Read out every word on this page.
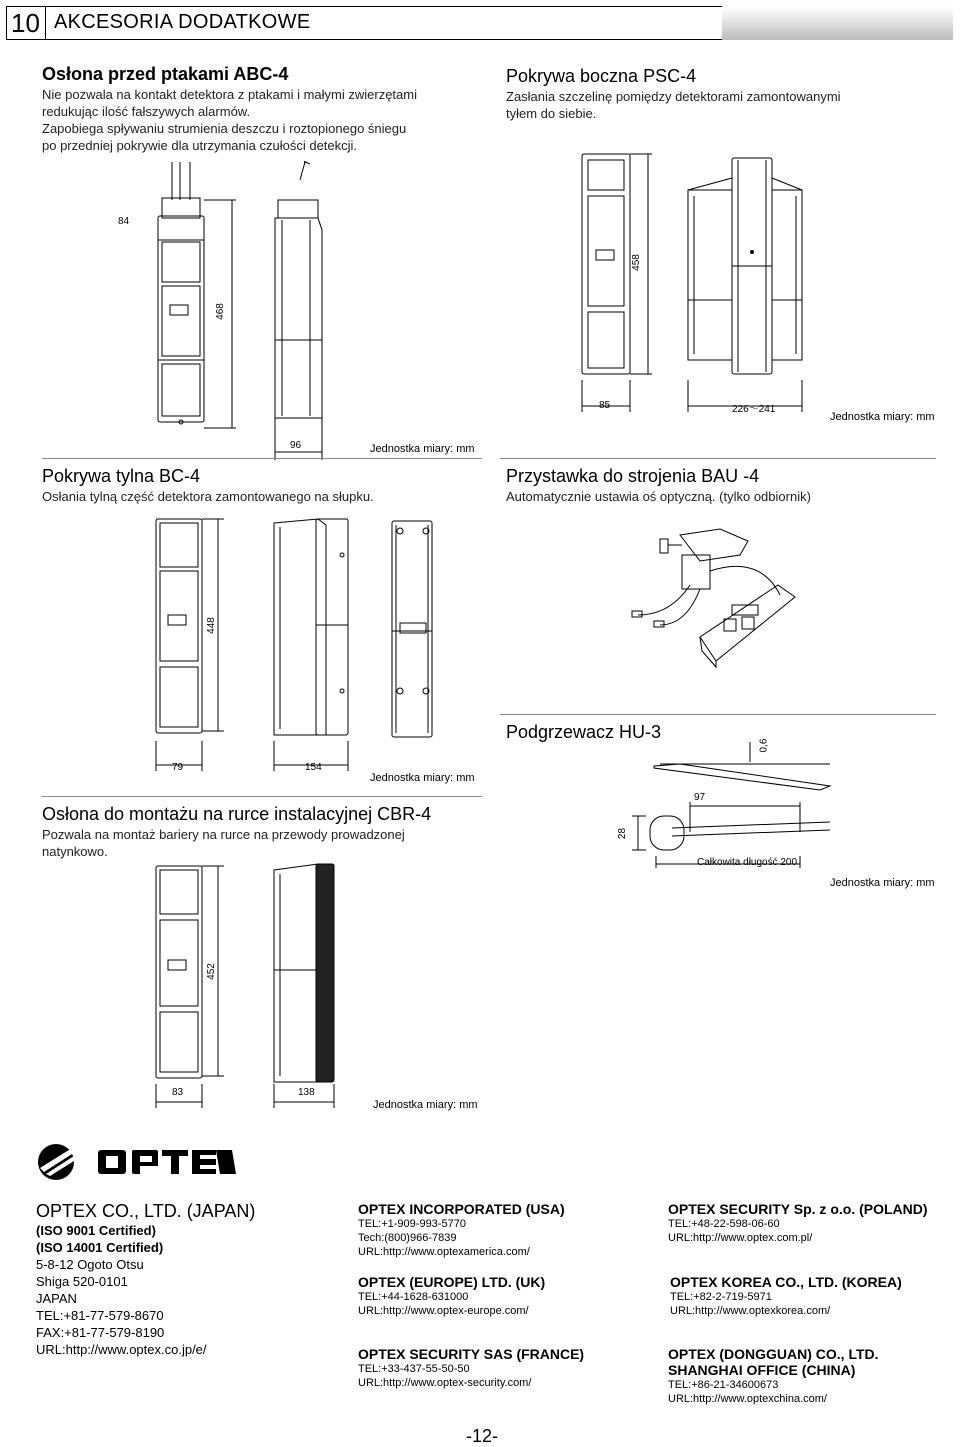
10 AKCESORIA DODATKOWE
Osłona przed ptakami ABC-4
Nie pozwala na kontakt detektora z ptakami i małymi zwierzętami
redukując ilość fałszywych alarmów.
Zapobiega spływaniu strumienia deszczu i roztopionego śniegu
po przedniej pokrywie dla utrzymania czułości detekcji.
Pokrywa boczna PSC-4
Zasłania szczelinę pomiędzy detektorami zamontowanymi
tyłem do siebie.
84
468
96	Jednostka miary: mm
458
85	226〜241
Jednostka miary: mm
Pokrywa tylna BC-4
Osłania tylną część detektora zamontowanego na słupku.
Przystawka do strojenia BAU -4
Automatycznie ustawia oś optyczną. (tylko odbiornik)
448
79	154
Jednostka miary: mm
Podgrzewacz HU-3
0,6
97
28
Całkowita długość 200
Jednostka miary: mm
Osłona do montażu na rurce instalacyjnej CBR-4
Pozwala na montaż bariery na rurce na przewody prowadzonej
natynkowo.
452
83	138
Jednostka miary: mm
OPTEX CO., LTD. (JAPAN)
(ISO 9001 Certified)
(ISO 14001 Certified)
5-8-12 Ogoto Otsu
Shiga 520-0101
JAPAN
TEL:+81-77-579-8670
FAX:+81-77-579-8190
URL:http://www.optex.co.jp/e/
OPTEX INCORPORATED (USA)
TEL:+1-909-993-5770
Tech:(800)966-7839
URL:http://www.optexamerica.com/
OPTEX (EUROPE) LTD. (UK)
TEL:+44-1628-631000
URL:http://www.optex-europe.com/
OPTEX SECURITY SAS (FRANCE)
TEL:+33-437-55-50-50
URL:http://www.optex-security.com/
OPTEX SECURITY Sp. z o.o. (POLAND)
TEL:+48-22-598-06-60
URL:http://www.optex.com.pl/
OPTEX KOREA CO., LTD. (KOREA)
TEL:+82-2-719-5971
URL:http://www.optexkorea.com/
OPTEX (DONGGUAN) CO., LTD.
SHANGHAI OFFICE (CHINA)
TEL:+86-21-34600673
URL:http://www.optexchina.com/
-12-
